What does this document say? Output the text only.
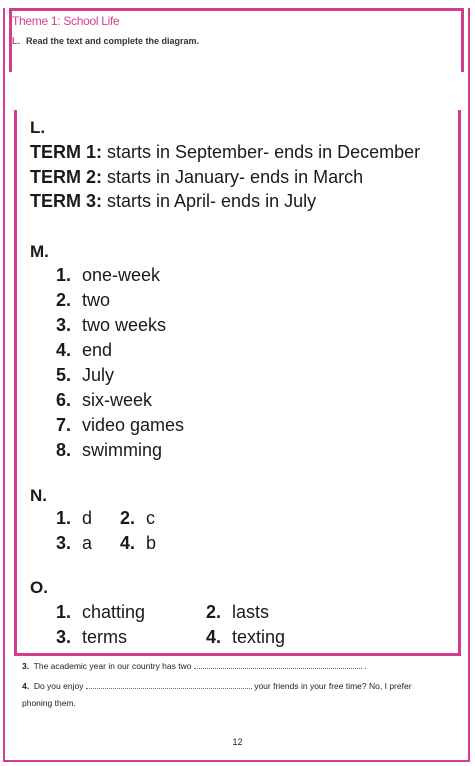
Theme 1: School Life
L. Read the text and complete the diagram.
L.
TERM 1: starts in September- ends in December
TERM 2: starts in January- ends in March
TERM 3: starts in April- ends in July
M.
1. one-week
2. two
3. two weeks
4. end
5. July
6. six-week
7. video games
8. swimming
N.
1. d 2. c
3. a 4. b
O.
1. chatting	2. lasts
3. terms	4. texting
3. The academic year in our country has two	.
4. Do you enjoy	your friends in your free time? No, I prefer
phoning them.
12
